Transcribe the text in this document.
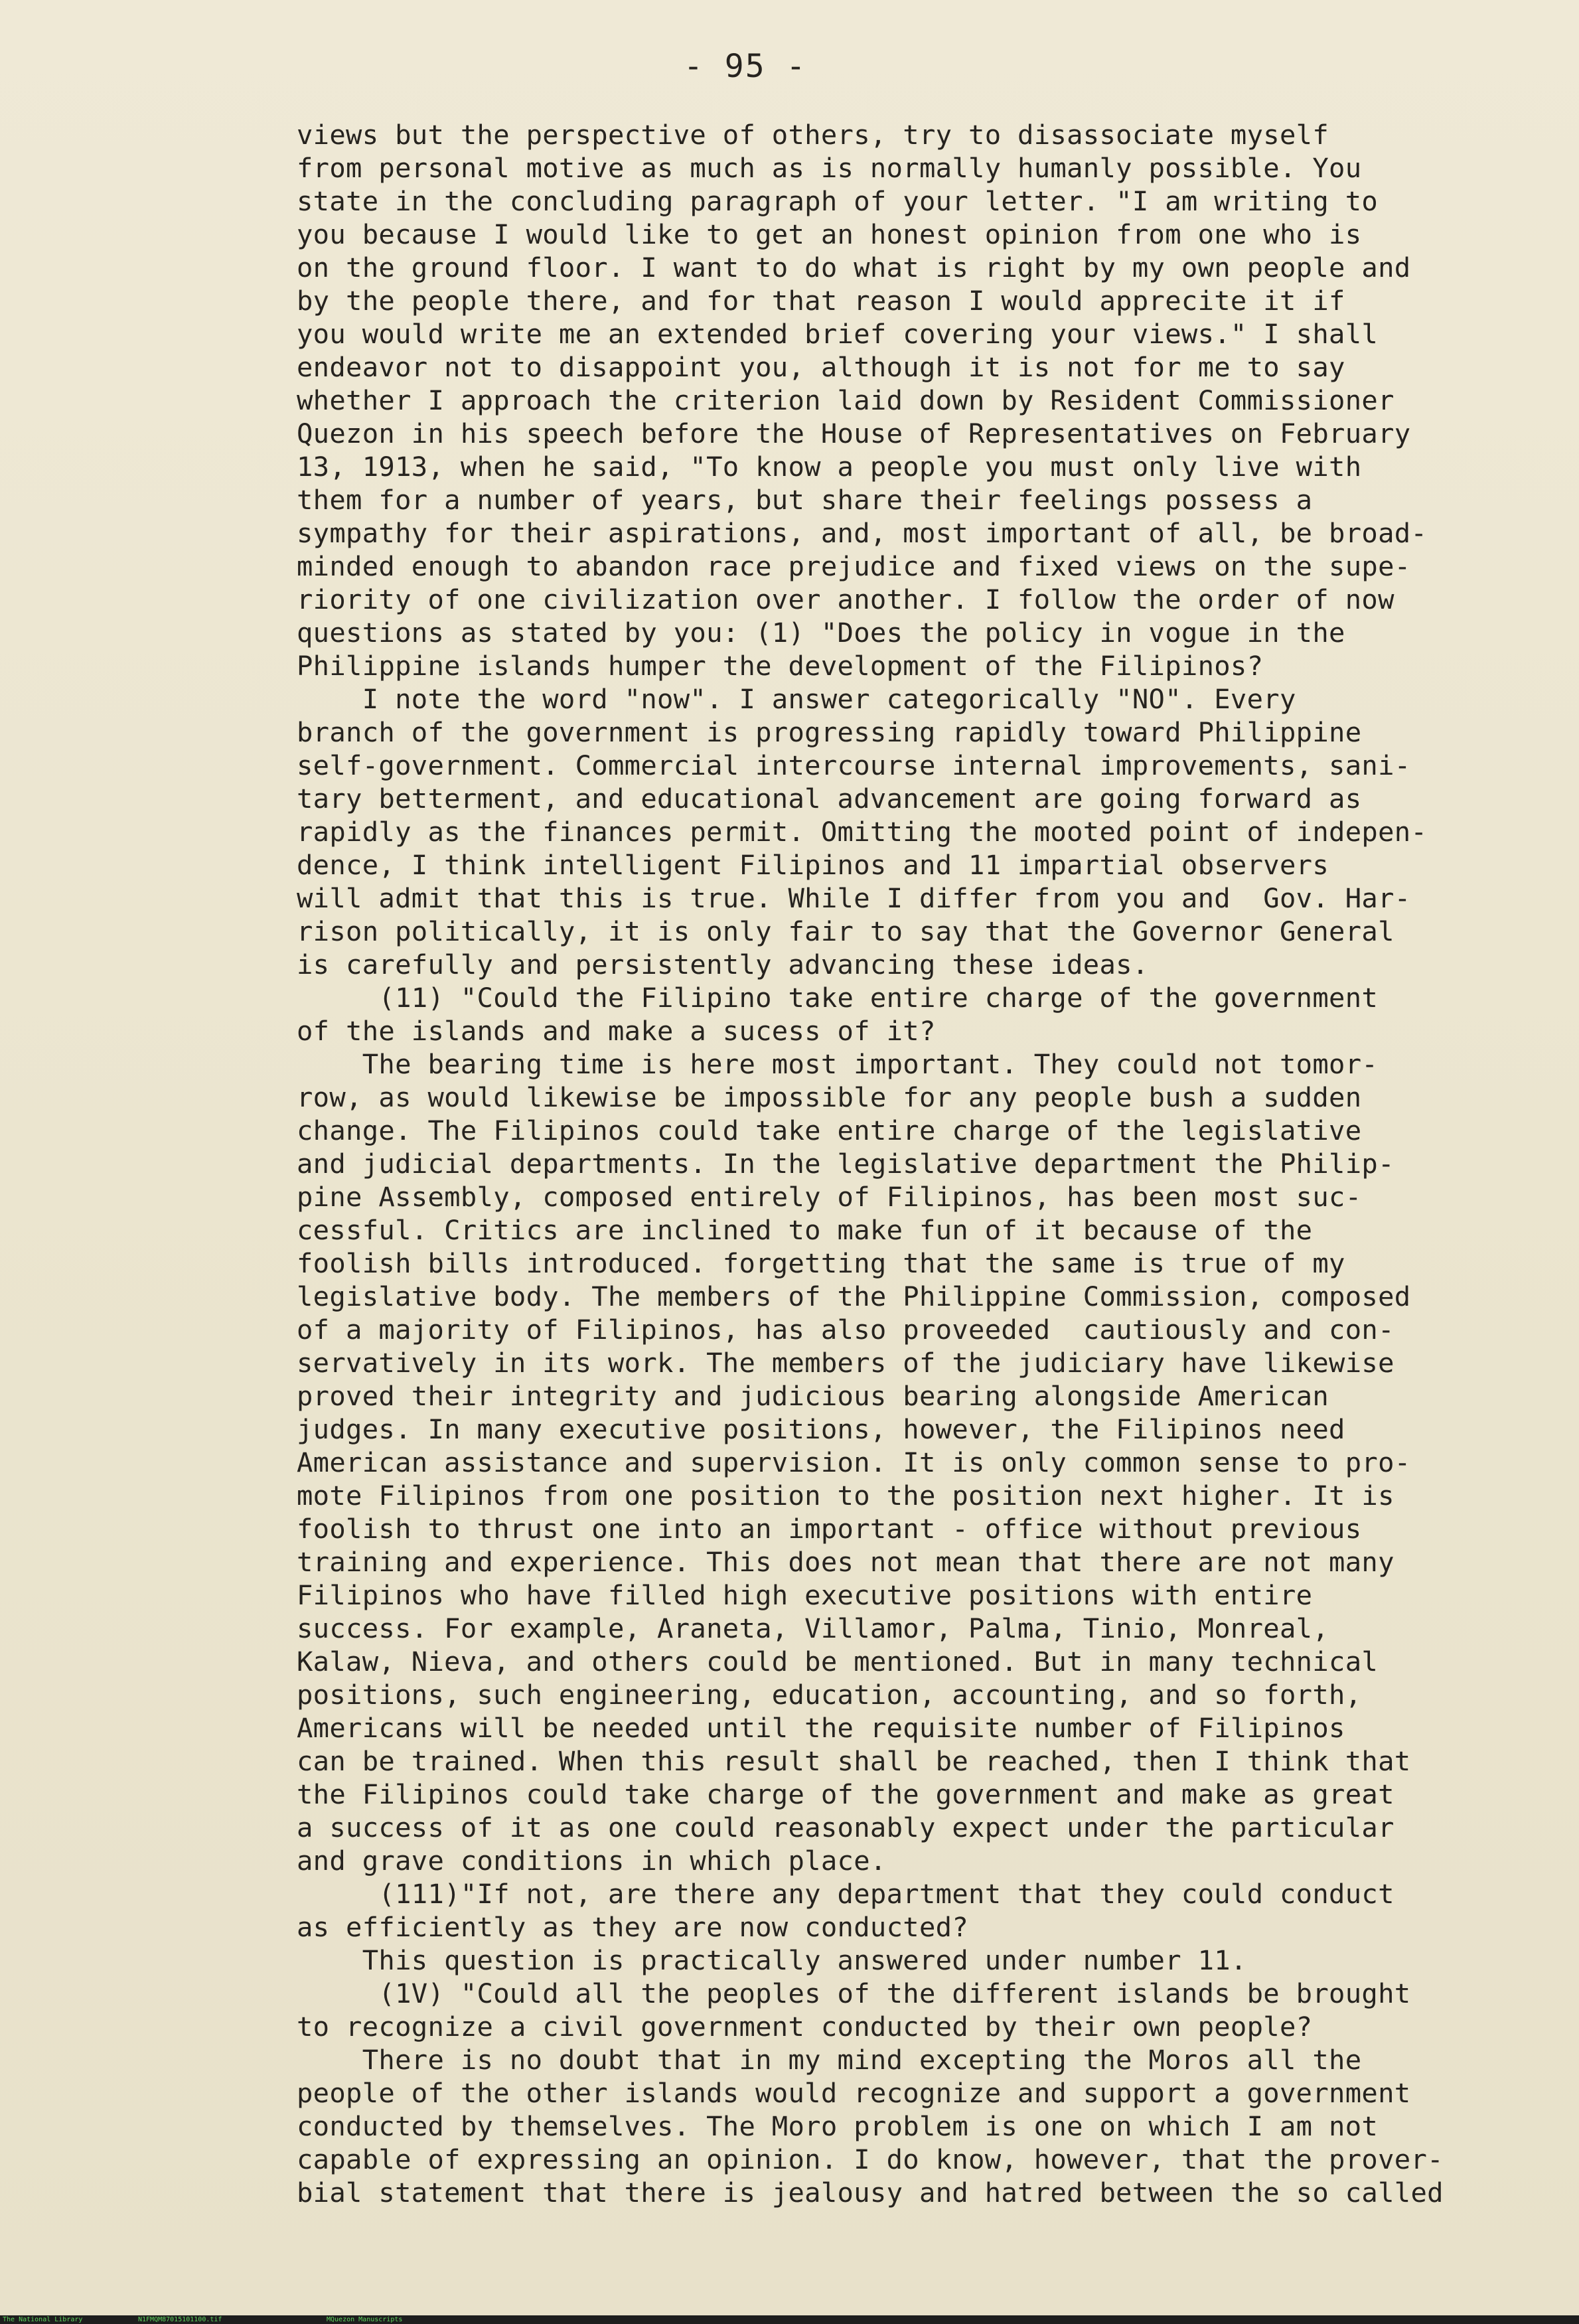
- 95 -
views but the perspective of others, try to disassociate myself
from personal motive as much as is normally humanly possible. You
state in the concluding paragraph of your letter. "I am writing to
you because I would like to get an honest opinion from one who is
on the ground floor. I want to do what is right by my own people and
by the people there, and for that reason I would apprecite it if
you would write me an extended brief covering your views." I shall
endeavor not to disappoint you, although it is not for me to say
whether I approach the criterion laid down by Resident Commissioner
Quezon in his speech before the House of Representatives on February
13, 1913, when he said, "To know a people you must only live with
them for a number of years, but share their feelings possess a
sympathy for their aspirations, and, most important of all, be broad-
minded enough to abandon race prejudice and fixed views on the supe-
riority of one civilization over another. I follow the order of now
questions as stated by you: (1) "Does the policy in vogue in the
Philippine islands humper the development of the Filipinos?
I note the word "now". I answer categorically "NO". Every
branch of the government is progressing rapidly toward Philippine
self-government. Commercial intercourse internal improvements, sani-
tary betterment, and educational advancement are going forward as
rapidly as the finances permit. Omitting the mooted point of indepen-
dence, I think intelligent Filipinos and 11 impartial observers
will admit that this is true. While I differ from you and  Gov. Har-
rison politically, it is only fair to say that the Governor General
is carefully and persistently advancing these ideas.
(11) "Could the Filipino take entire charge of the government
of the islands and make a sucess of it?
The bearing time is here most important. They could not tomor-
row, as would likewise be impossible for any people bush a sudden
change. The Filipinos could take entire charge of the legislative
and judicial departments. In the legislative department the Philip-
pine Assembly, composed entirely of Filipinos, has been most suc-
cessful. Critics are inclined to make fun of it because of the
foolish bills introduced. forgetting that the same is true of my
legislative body. The members of the Philippine Commission, composed
of a majority of Filipinos, has also proveeded  cautiously and con-
servatively in its work. The members of the judiciary have likewise
proved their integrity and judicious bearing alongside American
judges. In many executive positions, however, the Filipinos need
American assistance and supervision. It is only common sense to pro-
mote Filipinos from one position to the position next higher. It is
foolish to thrust one into an important - office without previous
training and experience. This does not mean that there are not many
Filipinos who have filled high executive positions with entire
success. For example, Araneta, Villamor, Palma, Tinio, Monreal,
Kalaw, Nieva, and others could be mentioned. But in many technical
positions, such engineering, education, accounting, and so forth,
Americans will be needed until the requisite number of Filipinos
can be trained. When this result shall be reached, then I think that
the Filipinos could take charge of the government and make as great
a success of it as one could reasonably expect under the particular
and grave conditions in which place.
(111)"If not, are there any department that they could conduct
as efficiently as they are now conducted?
This question is practically answered under number 11.
(1V) "Could all the peoples of the different islands be brought
to recognize a civil government conducted by their own people?
There is no doubt that in my mind excepting the Moros all the
people of the other islands would recognize and support a government
conducted by themselves. The Moro problem is one on which I am not
capable of expressing an opinion. I do know, however, that the prover-
bial statement that there is jealousy and hatred between the so called
The National Library	N1FMQM87015101100.tif	MQuezon Manuscripts
